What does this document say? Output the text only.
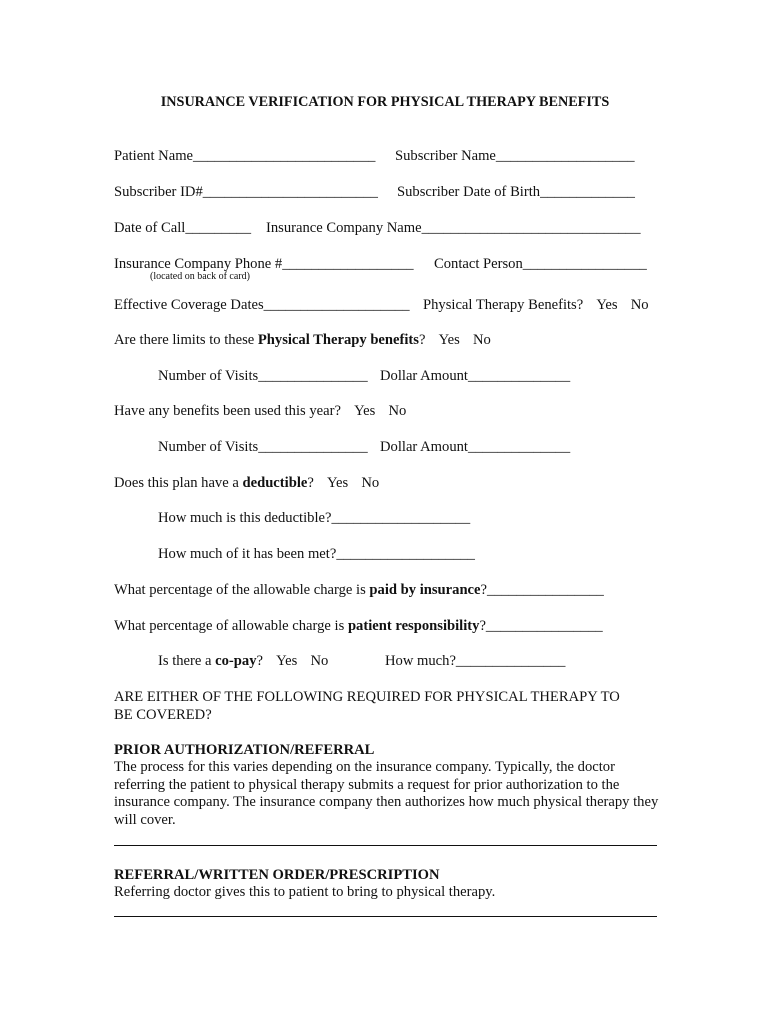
INSURANCE VERIFICATION FOR PHYSICAL THERAPY BENEFITS
Patient Name_________________________ Subscriber Name___________________
Subscriber ID#________________________ Subscriber Date of Birth_____________
Date of Call_________ Insurance Company Name______________________________
Insurance Company Phone #__________________ Contact Person_________________
(located on back of card)
Effective Coverage Dates____________________ Physical Therapy Benefits? Yes No
Are there limits to these Physical Therapy benefits? Yes No
Number of Visits_______________ Dollar Amount______________
Have any benefits been used this year? Yes No
Number of Visits_______________ Dollar Amount______________
Does this plan have a deductible? Yes No
How much is this deductible?___________________
How much of it has been met?___________________
What percentage of the allowable charge is paid by insurance?________________
What percentage of allowable charge is patient responsibility?________________
Is there a co-pay? Yes No	How much?_______________
ARE EITHER OF THE FOLLOWING REQUIRED FOR PHYSICAL THERAPY TO
BE COVERED?
PRIOR AUTHORIZATION/REFERRAL
The process for this varies depending on the insurance company. Typically, the doctor referring the patient to physical therapy submits a request for prior authorization to the insurance company. The insurance company then authorizes how much physical therapy they will cover.
REFERRAL/WRITTEN ORDER/PRESCRIPTION
Referring doctor gives this to patient to bring to physical therapy.
